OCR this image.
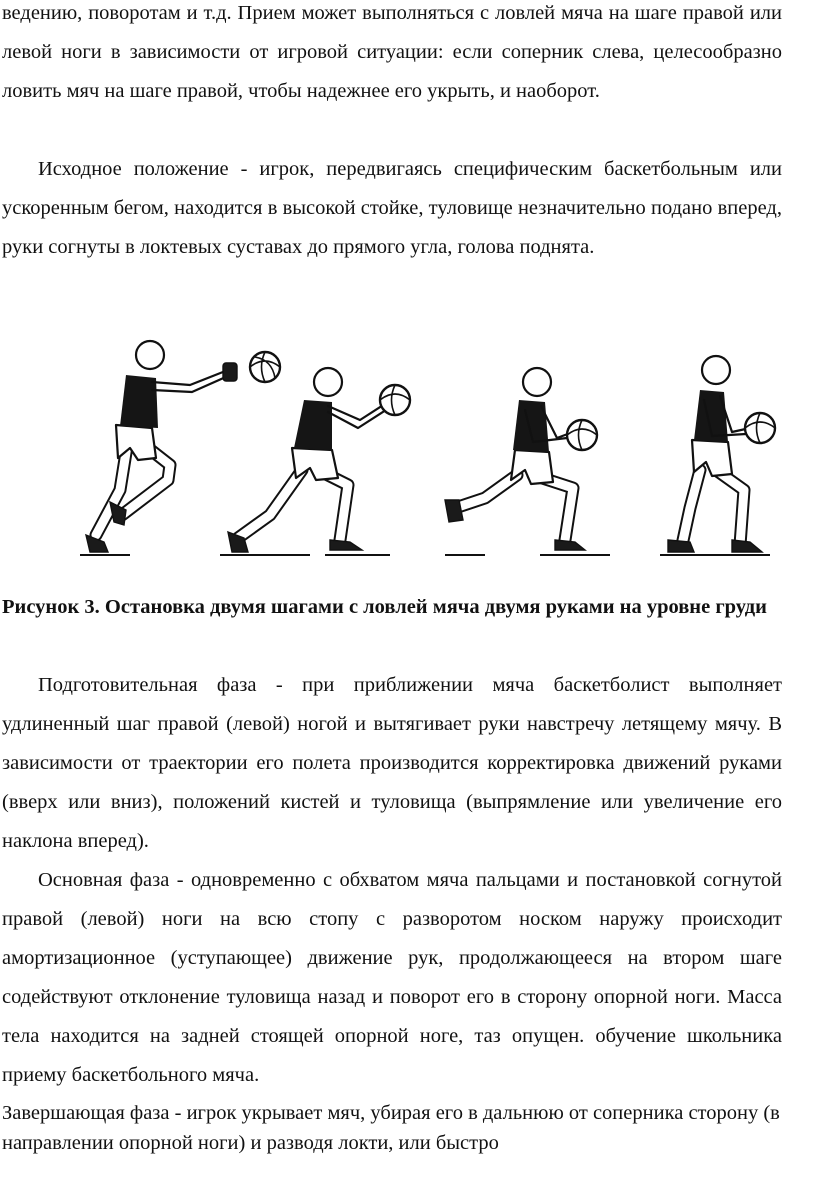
ведению, поворотам и т.д. Прием может выполняться с ловлей мяча на шаге правой или левой ноги в зависимости от игровой ситуации: если соперник слева, целесообразно ловить мяч на шаге правой, чтобы надежнее его укрыть, и наоборот.

Исходное положение - игрок, передвигаясь специфическим баскетбольным или ускоренным бегом, находится в высокой стойке, туловище незначительно подано вперед, руки согнуты в локтевых суставах до прямого угла, голова поднята.

Рисунок 3. Остановка двумя шагами с ловлей мяча двумя руками на уровне груди

Подготовительная фаза - при приближении мяча баскетболист выполняет удлиненный шаг правой (левой) ногой и вытягивает руки навстречу летящему мячу. В зависимости от траектории его полета производится корректировка движений руками (вверх или вниз), положений кистей и туловища (выпрямление или увеличение его наклона вперед).

Основная фаза - одновременно с обхватом мяча пальцами и постановкой согнутой правой (левой) ноги на всю стопу с разворотом носком наружу происходит амортизационное (уступающее) движение рук, продолжающееся на втором шаге содействуют отклонение туловища назад и поворот его в сторону опорной ноги. Масса тела находится на задней стоящей опорной ноге, таз опущен. обучение школьника приему баскетбольного мяча.

Завершающая фаза - игрок укрывает мяч, убирая его в дальнюю от соперника сторону (в направлении опорной ноги) и разводя локти, или быстро
